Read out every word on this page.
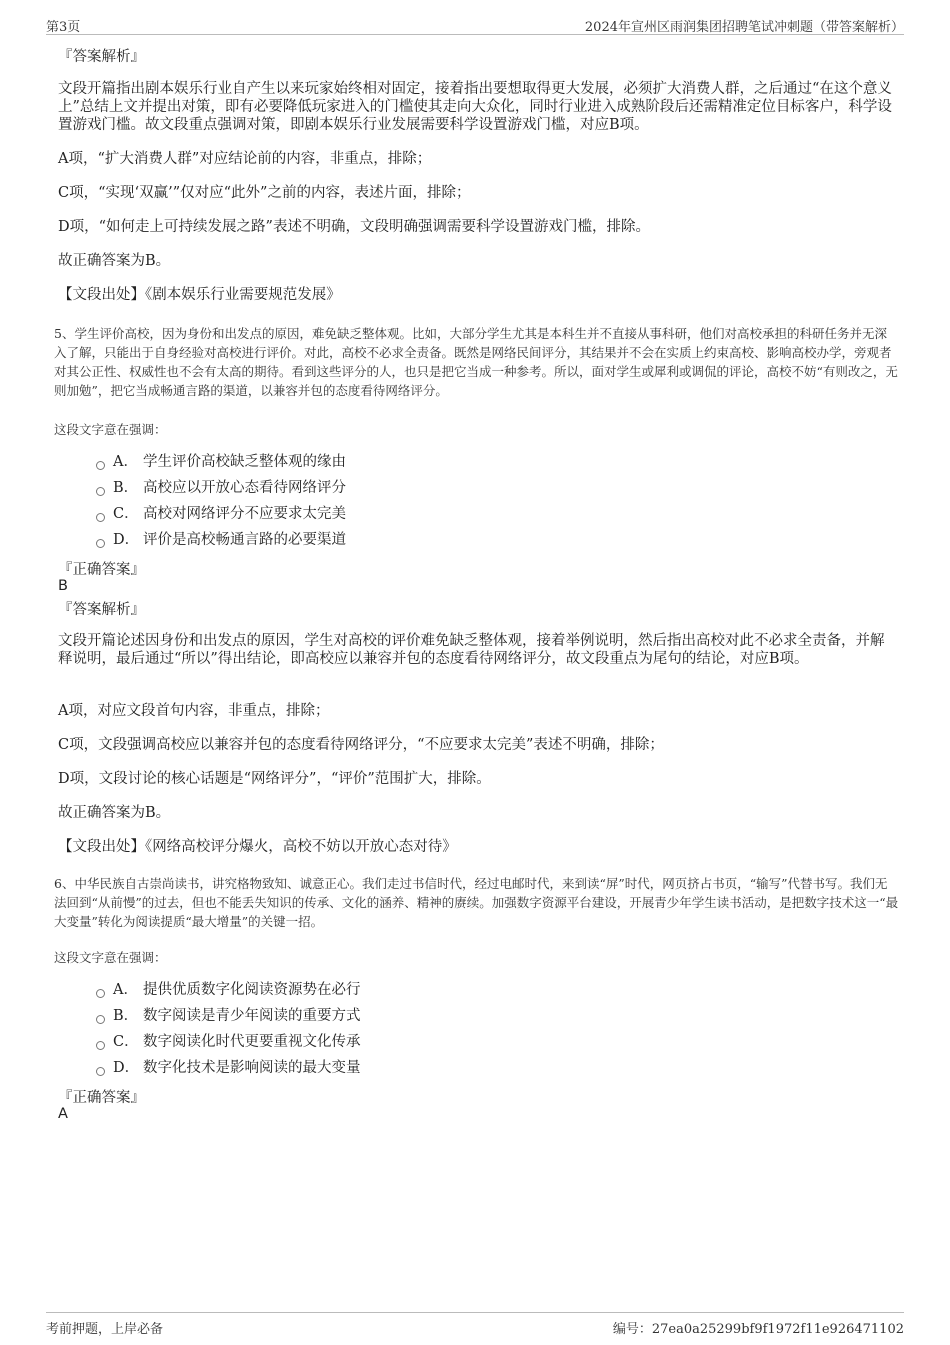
第3页	2024年宣州区雨润集团招聘笔试冲刺题（带答案解析）
『答案解析』
文段开篇指出剧本娱乐行业自产生以来玩家始终相对固定，接着指出要想取得更大发展，必须扩大消费人群，之后通过“在这个意义上”总结上文并提出对策，即有必要降低玩家进入的门槛使其走向大众化，同时行业进入成熟阶段后还需精准定位目标客户，科学设置游戏门槛。故文段重点强调对策，即剧本娱乐行业发展需要科学设置游戏门槛，对应B项。
A项，“扩大消费人群”对应结论前的内容，非重点，排除；
C项，“实现‘双赢’”仅对应“此外”之前的内容，表述片面，排除；
D项，“如何走上可持续发展之路”表述不明确，文段明确强调需要科学设置游戏门槛，排除。
故正确答案为B。
【文段出处】《剧本娱乐行业需要规范发展》
5、学生评价高校，因为身份和出发点的原因，难免缺乏整体观。比如，大部分学生尤其是本科生并不直接从事科研，他们对高校承担的科研任务并无深入了解，只能出于自身经验对高校进行评价。对此，高校不必求全责备。既然是网络民间评分，其结果并不会在实质上约束高校、影响高校办学，旁观者对其公正性、权威性也不会有太高的期待。看到这些评分的人，也只是把它当成一种参考。所以，面对学生或犀利或调侃的评论，高校不妨“有则改之，无则加勉”，把它当成畅通言路的渠道，以兼容并包的态度看待网络评分。
这段文字意在强调：
A． 学生评价高校缺乏整体观的缘由
B． 高校应以开放心态看待网络评分
C． 高校对网络评分不应要求太完美
D． 评价是高校畅通言路的必要渠道
『正确答案』
B
『答案解析』
文段开篇论述因身份和出发点的原因，学生对高校的评价难免缺乏整体观，接着举例说明，然后指出高校对此不必求全责备，并解释说明，最后通过“所以”得出结论，即高校应以兼容并包的态度看待网络评分，故文段重点为尾句的结论，对应B项。
A项，对应文段首句内容，非重点，排除；
C项，文段强调高校应以兼容并包的态度看待网络评分，“不应要求太完美”表述不明确，排除；
D项，文段讨论的核心话题是“网络评分”，“评价”范围扩大，排除。
故正确答案为B。
【文段出处】《网络高校评分爆火，高校不妨以开放心态对待》
6、中华民族自古崇尚读书，讲究格物致知、诚意正心。我们走过书信时代，经过电邮时代，来到读“屏”时代，网页挤占书页，“输写”代替书写。我们无法回到“从前慢”的过去，但也不能丢失知识的传承、文化的涵养、精神的赓续。加强数字资源平台建设，开展青少年学生读书活动，是把数字技术这一“最大变量”转化为阅读提质“最大增量”的关键一招。
这段文字意在强调：
A． 提供优质数字化阅读资源势在必行
B． 数字阅读是青少年阅读的重要方式
C． 数字阅读化时代更要重视文化传承
D． 数字化技术是影响阅读的最大变量
『正确答案』
A
考前押题，上岸必备	编号：27ea0a25299bf9f1972f11e926471102
